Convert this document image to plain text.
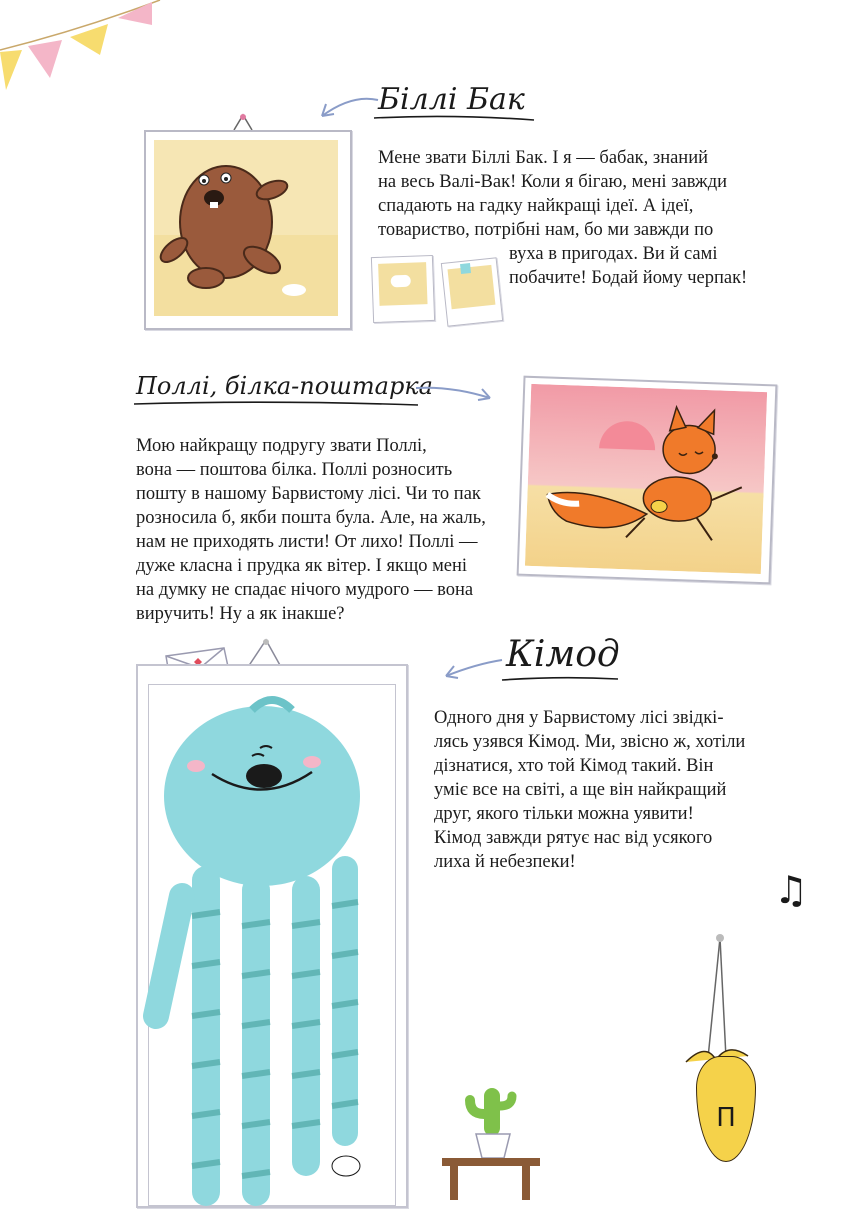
Біллі Бак
Мене звати Біллі Бак. І я — бабак, знаний
на весь Валі-Вак! Коли я бігаю, мені завжди
спадають на гадку найкращі ідеї. А ідеї,
товариство, потрібні нам, бо ми завжди по
вуха в пригодах. Ви й самі
побачите! Бодай йому черпак!
Поллі, білка-поштарка
Мою найкращу подругу звати Поллі,
вона — поштова білка. Поллі розносить
пошту в нашому Барвистому лісі. Чи то пак
розносила б, якби пошта була. Але, на жаль,
нам не приходять листи! От лихо! Поллі —
дуже класна і прудка як вітер. І якщо мені
на думку не спадає нічого мудрого — вона
виручить! Ну а як інакше?
Кімод
Одного дня у Барвистому лісі звідкі-
лясь узявся Кімод. Ми, звісно ж, хотіли
дізнатися, хто той Кімод такий. Він
уміє все на світі, а ще він найкращий
друг, якого тільки можна уявити!
Кімод завжди рятує нас від усякого
лиха й небезпеки!
♫
П
